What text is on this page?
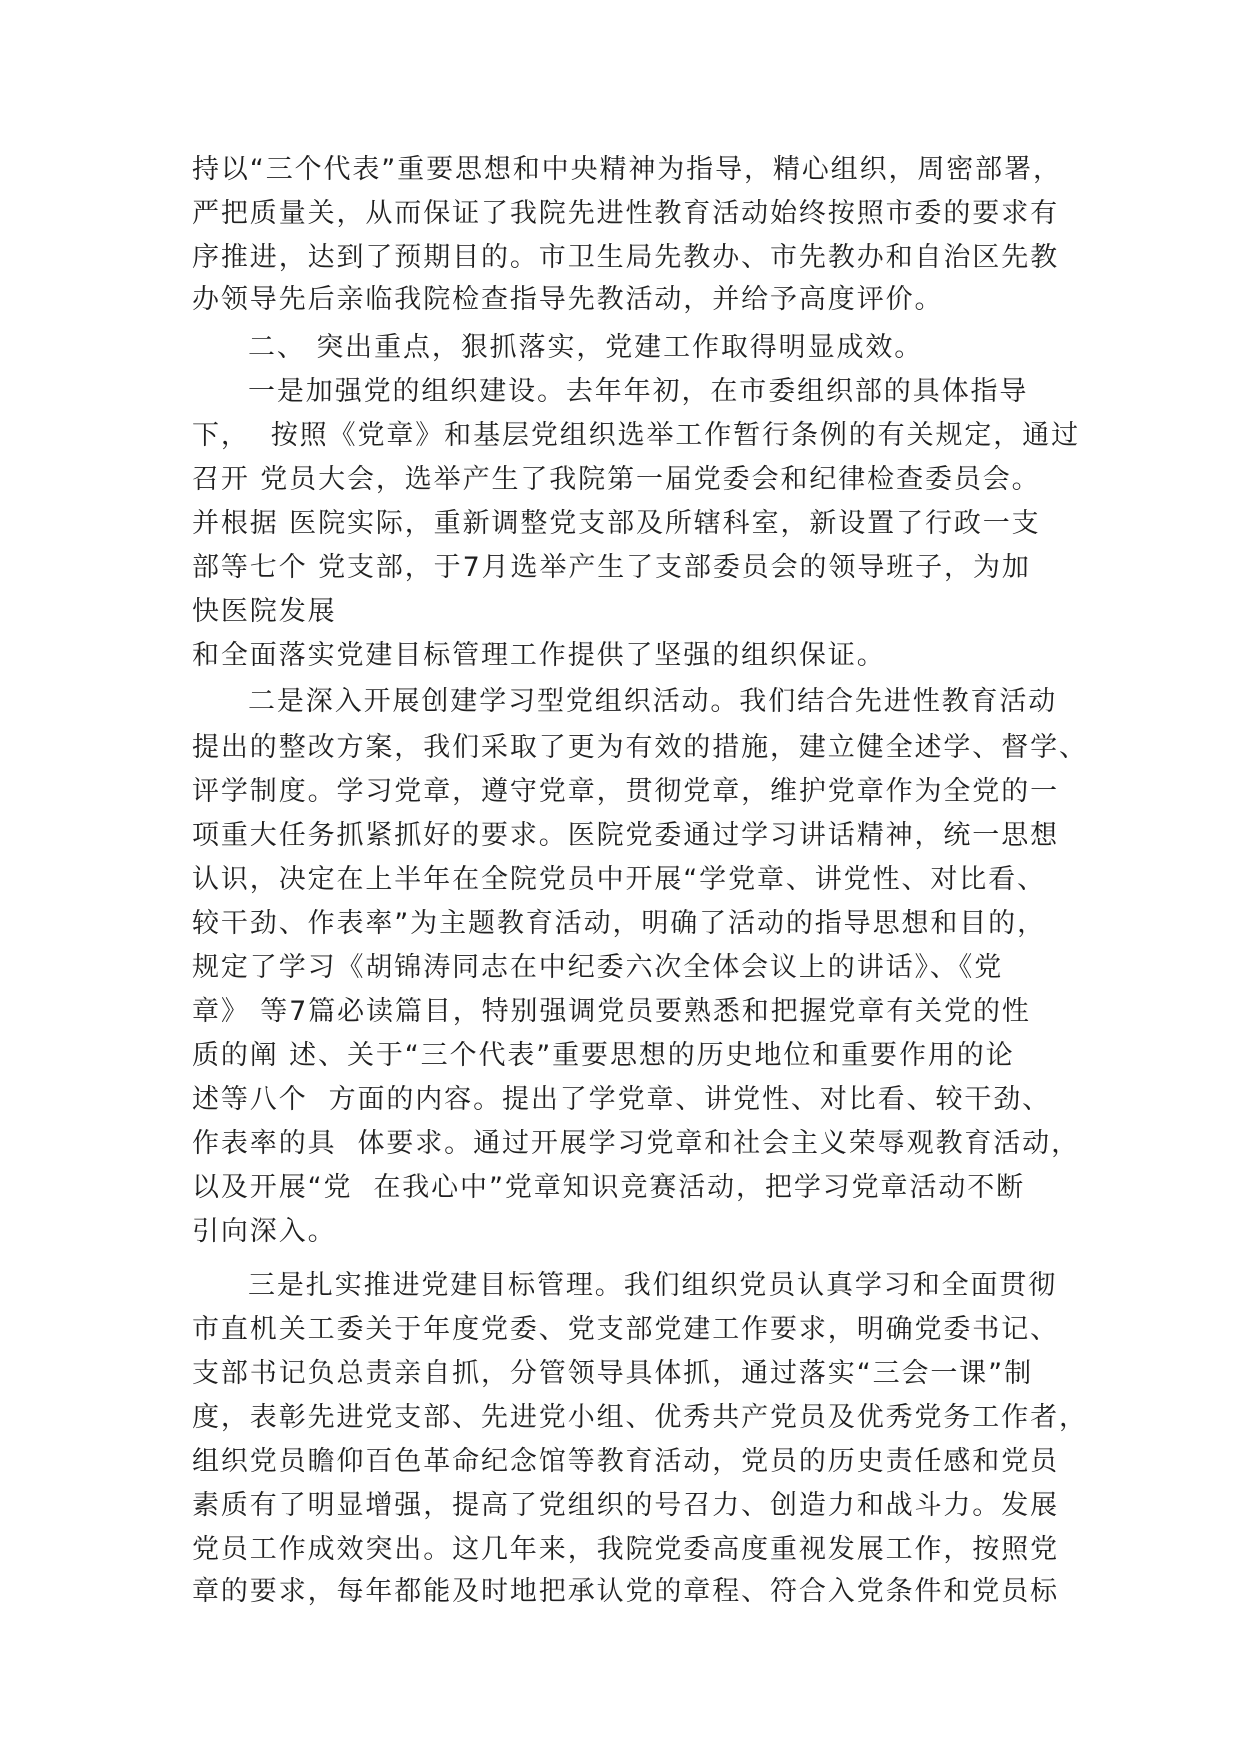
持以“三个代表”重要思想和中央精神为指导，精心组织，周密部署，
严把质量关，从而保证了我院先进性教育活动始终按照市委的要求有
序推进，达到了预期目的。市卫生局先教办、市先教办和自治区先教
办领导先后亲临我院检查指导先教活动，并给予高度评价。
二、 突出重点，狠抓落实，党建工作取得明显成效。
一是加强党的组织建设。去年年初，在市委组织部的具体指导
下，  按照《党章》和基层党组织选举工作暂行条例的有关规定，通过
召开 党员大会，选举产生了我院第一届党委会和纪律检查委员会。
并根据 医院实际，重新调整党支部及所辖科室，新设置了行政一支
部等七个 党支部，于7月选举产生了支部委员会的领导班子，为加
快医院发展
和全面落实党建目标管理工作提供了坚强的组织保证。
二是深入开展创建学习型党组织活动。我们结合先进性教育活动
提出的整改方案，我们采取了更为有效的措施，建立健全述学、督学、
评学制度。学习党章，遵守党章，贯彻党章，维护党章作为全党的一
项重大任务抓紧抓好的要求。医院党委通过学习讲话精神，统一思想
认识，决定在上半年在全院党员中开展“学党章、讲党性、对比看、
较干劲、作表率”为主题教育活动，明确了活动的指导思想和目的，
规定了学习《胡锦涛同志在中纪委六次全体会议上的讲话》、《党
章》 等7篇必读篇目，特别强调党员要熟悉和把握党章有关党的性
质的阐 述、关于“三个代表”重要思想的历史地位和重要作用的论
述等八个  方面的内容。提出了学党章、讲党性、对比看、较干劲、
作表率的具  体要求。通过开展学习党章和社会主义荣辱观教育活动，
以及开展“党  在我心中”党章知识竞赛活动，把学习党章活动不断
引向深入。
三是扎实推进党建目标管理。我们组织党员认真学习和全面贯彻
市直机关工委关于年度党委、党支部党建工作要求，明确党委书记、
支部书记负总责亲自抓，分管领导具体抓，通过落实“三会一课”制
度，表彰先进党支部、先进党小组、优秀共产党员及优秀党务工作者，
组织党员瞻仰百色革命纪念馆等教育活动，党员的历史责任感和党员
素质有了明显增强，提高了党组织的号召力、创造力和战斗力。发展
党员工作成效突出。这几年来，我院党委高度重视发展工作，按照党
章的要求，每年都能及时地把承认党的章程、符合入党条件和党员标
